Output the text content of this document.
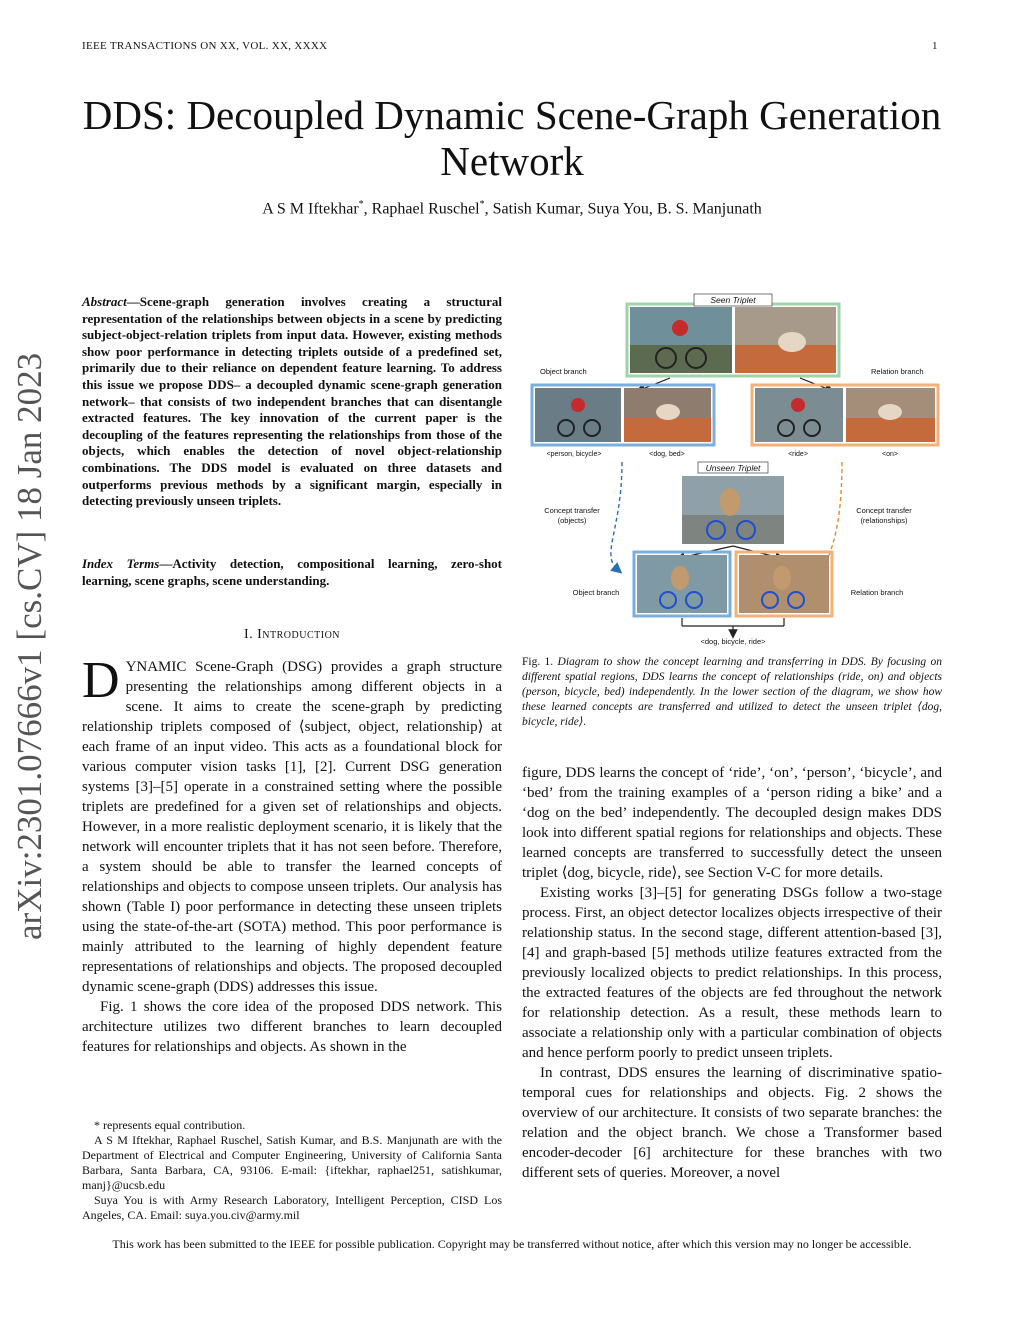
IEEE TRANSACTIONS ON XX, VOL. XX, XXXX	1
DDS: Decoupled Dynamic Scene-Graph Generation
Network
A S M Iftekhar*, Raphael Ruschel*, Satish Kumar, Suya You, B. S. Manjunath
arXiv:2301.07666v1 [cs.CV] 18 Jan 2023
Abstract—Scene-graph generation involves creating a structural representation of the relationships between objects in a scene by predicting subject-object-relation triplets from input data. However, existing methods show poor performance in detecting triplets outside of a predefined set, primarily due to their reliance on dependent feature learning. To address this issue we propose DDS– a decoupled dynamic scene-graph generation network– that consists of two independent branches that can disentangle extracted features. The key innovation of the current paper is the decoupling of the features representing the relationships from those of the objects, which enables the detection of novel object-relationship combinations. The DDS model is evaluated on three datasets and outperforms previous methods by a significant margin, especially in detecting previously unseen triplets.
Index Terms—Activity detection, compositional learning, zero-shot learning, scene graphs, scene understanding.
I. Introduction

DYNAMIC Scene-Graph (DSG) provides a graph structure presenting the relationships among different objects in a scene. It aims to create the scene-graph by predicting relationship triplets composed of ⟨subject, object, relationship⟩ at each frame of an input video. This acts as a foundational block for various computer vision tasks [1], [2]. Current DSG generation systems [3]–[5] operate in a constrained setting where the possible triplets are predefined for a given set of relationships and objects. However, in a more realistic deployment scenario, it is likely that the network will encounter triplets that it has not seen before. Therefore, a system should be able to transfer the learned concepts of relationships and objects to compose unseen triplets. Our analysis has shown (Table I) poor performance in detecting these unseen triplets using the state-of-the-art (SOTA) method. This poor performance is mainly attributed to the learning of highly dependent feature representations of relationships and objects. The proposed decoupled dynamic scene-graph (DDS) addresses this issue.

Fig. 1 shows the core idea of the proposed DDS network. This architecture utilizes two different branches to learn decoupled features for relationships and objects. As shown in the

* represents equal contribution.

A S M Iftekhar, Raphael Ruschel, Satish Kumar, and B.S. Manjunath are with the Department of Electrical and Computer Engineering, University of California Santa Barbara, Santa Barbara, CA, 93106. E-mail: {iftekhar, raphael251, satishkumar, manj}@ucsb.edu

Suya You is with Army Research Laboratory, Intelligent Perception, CISD Los Angeles, CA. Email: suya.you.civ@army.mil

Seen Triplet
Object branch	Relation branch
<person, bicycle>	<dog, bed>	<ride>	<on>
Unseen Triplet
Concept transfer
(objects)
Concept transfer
(relationships)
Object branch	Relation branch
<dog, bicycle, ride>
Fig. 1. Diagram to show the concept learning and transferring in DDS. By focusing on different spatial regions, DDS learns the concept of relationships (ride, on) and objects (person, bicycle, bed) independently. In the lower section of the diagram, we show how these learned concepts are transferred and utilized to detect the unseen triplet ⟨dog, bicycle, ride⟩.

figure, DDS learns the concept of ‘ride’, ‘on’, ‘person’, ‘bicycle’, and ‘bed’ from the training examples of a ‘person riding a bike’ and a ‘dog on the bed’ independently. The decoupled design makes DDS look into different spatial regions for relationships and objects. These learned concepts are transferred to successfully detect the unseen triplet ⟨dog, bicycle, ride⟩, see Section V-C for more details.

Existing works [3]–[5] for generating DSGs follow a two-stage process. First, an object detector localizes objects irrespective of their relationship status. In the second stage, different attention-based [3], [4] and graph-based [5] methods utilize features extracted from the previously localized objects to predict relationships. In this process, the extracted features of the objects are fed throughout the network for relationship detection. As a result, these methods learn to associate a relationship only with a particular combination of objects and hence perform poorly to predict unseen triplets.

In contrast, DDS ensures the learning of discriminative spatio-temporal cues for relationships and objects. Fig. 2 shows the overview of our architecture. It consists of two separate branches: the relation and the object branch. We chose a Transformer based encoder-decoder [6] architecture for these branches with two different sets of queries. Moreover, a novel

This work has been submitted to the IEEE for possible publication. Copyright may be transferred without notice, after which this version may no longer be accessible.
